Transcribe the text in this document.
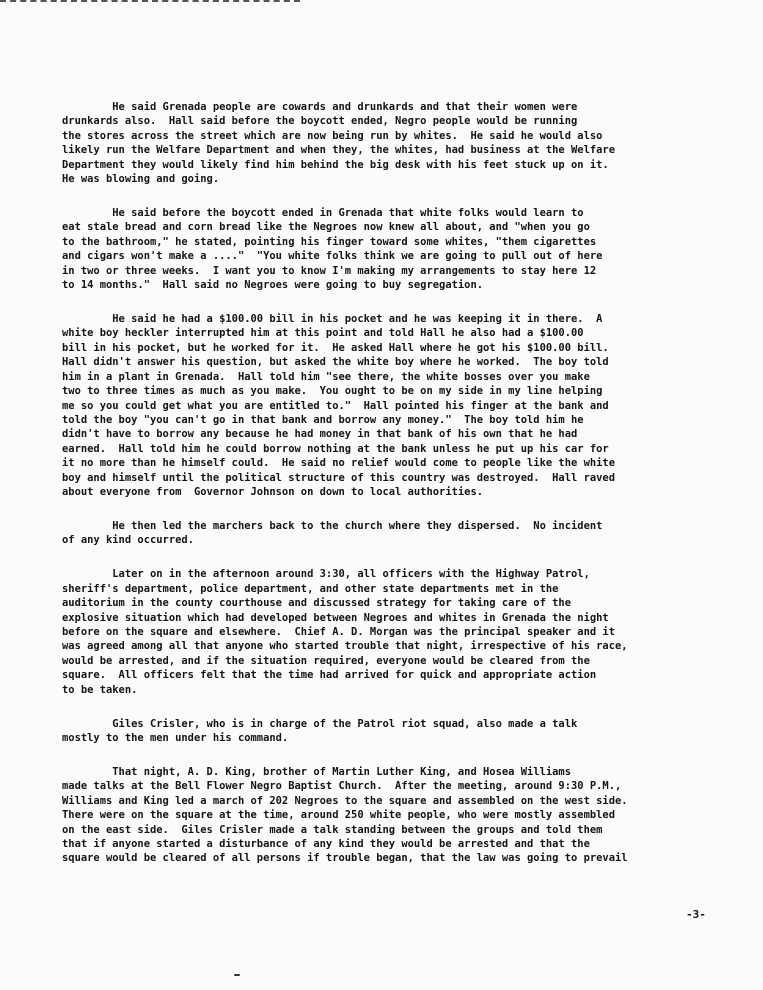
He said Grenada people are cowards and drunkards and that their women were
drunkards also.  Hall said before the boycott ended, Negro people would be running
the stores across the street which are now being run by whites.  He said he would also
likely run the Welfare Department and when they, the whites, had business at the Welfare
Department they would likely find him behind the big desk with his feet stuck up on it.
He was blowing and going.

He said before the boycott ended in Grenada that white folks would learn to
eat stale bread and corn bread like the Negroes now knew all about, and "when you go
to the bathroom," he stated, pointing his finger toward some whites, "them cigarettes
and cigars won't make a ...."  "You white folks think we are going to pull out of here
in two or three weeks.  I want you to know I'm making my arrangements to stay here 12
to 14 months."  Hall said no Negroes were going to buy segregation.

He said he had a $100.00 bill in his pocket and he was keeping it in there.  A
white boy heckler interrupted him at this point and told Hall he also had a $100.00
bill in his pocket, but he worked for it.  He asked Hall where he got his $100.00 bill.
Hall didn't answer his question, but asked the white boy where he worked.  The boy told
him in a plant in Grenada.  Hall told him "see there, the white bosses over you make
two to three times as much as you make.  You ought to be on my side in my line helping
me so you could get what you are entitled to."  Hall pointed his finger at the bank and
told the boy "you can't go in that bank and borrow any money."  The boy told him he
didn't have to borrow any because he had money in that bank of his own that he had
earned.  Hall told him he could borrow nothing at the bank unless he put up his car for
it no more than he himself could.  He said no relief would come to people like the white
boy and himself until the political structure of this country was destroyed.  Hall raved
about everyone from  Governor Johnson on down to local authorities.

He then led the marchers back to the church where they dispersed.  No incident
of any kind occurred.

Later on in the afternoon around 3:30, all officers with the Highway Patrol,
sheriff's department, police department, and other state departments met in the
auditorium in the county courthouse and discussed strategy for taking care of the
explosive situation which had developed between Negroes and whites in Grenada the night
before on the square and elsewhere.  Chief A. D. Morgan was the principal speaker and it
was agreed among all that anyone who started trouble that night, irrespective of his race,
would be arrested, and if the situation required, everyone would be cleared from the
square.  All officers felt that the time had arrived for quick and appropriate action
to be taken.

Giles Crisler, who is in charge of the Patrol riot squad, also made a talk
mostly to the men under his command.

That night, A. D. King, brother of Martin Luther King, and Hosea Williams
made talks at the Bell Flower Negro Baptist Church.  After the meeting, around 9:30 P.M.,
Williams and King led a march of 202 Negroes to the square and assembled on the west side.
There were on the square at the time, around 250 white people, who were mostly assembled
on the east side.  Giles Crisler made a talk standing between the groups and told them
that if anyone started a disturbance of any kind they would be arrested and that the
square would be cleared of all persons if trouble began, that the law was going to prevail

-3-
